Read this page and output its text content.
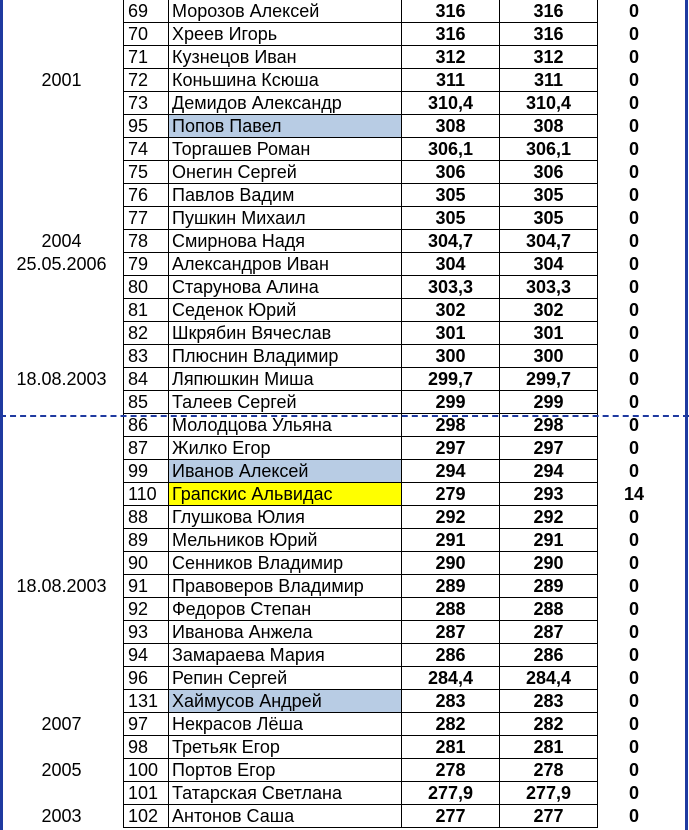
	69	Морозов Алексей	316	316	0
	70	Хреев Игорь	316	316	0
	71	Кузнецов Иван	312	312	0
2001	72	Коньшина Ксюша	311	311	0
	73	Демидов Александр	310,4	310,4	0
	95	Попов Павел	308	308	0
	74	Торгашев Роман	306,1	306,1	0
	75	Онегин Сергей	306	306	0
	76	Павлов Вадим	305	305	0
	77	Пушкин Михаил	305	305	0
2004	78	Смирнова Надя	304,7	304,7	0
25.05.2006	79	Александров Иван	304	304	0
	80	Старунова Алина	303,3	303,3	0
	81	Седенок Юрий	302	302	0
	82	Шкрябин Вячеслав	301	301	0
	83	Плюснин Владимир	300	300	0
18.08.2003	84	Ляпюшкин Миша	299,7	299,7	0
	85	Талеев Сергей	299	299	0
	86	Молодцова Ульяна	298	298	0
	87	Жилко Егор	297	297	0
	99	Иванов Алексей	294	294	0
	110	Грапскис Альвидас	279	293	14
	88	Глушкова Юлия	292	292	0
	89	Мельников Юрий	291	291	0
	90	Сенников Владимир	290	290	0
18.08.2003	91	Правоверов Владимир	289	289	0
	92	Федоров Степан	288	288	0
	93	Иванова Анжела	287	287	0
	94	Замараева Мария	286	286	0
	96	Репин Сергей	284,4	284,4	0
	131	Хаймусов Андрей	283	283	0
2007	97	Некрасов Лёша	282	282	0
	98	Третьяк Егор	281	281	0
2005	100	Портов Егор	278	278	0
	101	Татарская Светлана	277,9	277,9	0
2003	102	Антонов Саша	277	277	0
